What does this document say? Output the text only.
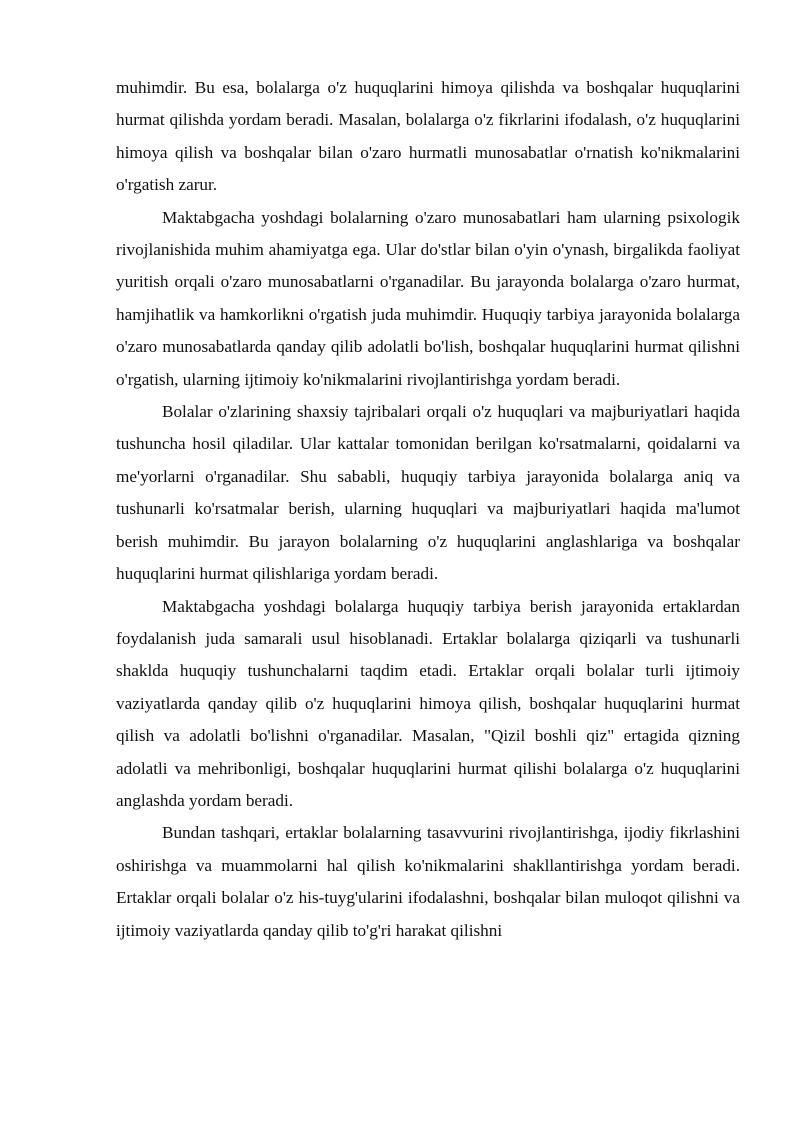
muhimdir. Bu esa, bolalarga o'z huquqlarini himoya qilishda va boshqalar huquqlarini hurmat qilishda yordam beradi. Masalan, bolalarga o'z fikrlarini ifodalash, o'z huquqlarini himoya qilish va boshqalar bilan o'zaro hurmatli munosabatlar o'rnatish ko'nikmalarini o'rgatish zarur.

Maktabgacha yoshdagi bolalarning o'zaro munosabatlari ham ularning psixologik rivojlanishida muhim ahamiyatga ega. Ular do'stlar bilan o'yin o'ynash, birgalikda faoliyat yuritish orqali o'zaro munosabatlarni o'rganadilar. Bu jarayonda bolalarga o'zaro hurmat, hamjihatlik va hamkorlikni o'rgatish juda muhimdir. Huquqiy tarbiya jarayonida bolalarga o'zaro munosabatlarda qanday qilib adolatli bo'lish, boshqalar huquqlarini hurmat qilishni o'rgatish, ularning ijtimoiy ko'nikmalarini rivojlantirishga yordam beradi.

Bolalar o'zlarining shaxsiy tajribalari orqali o'z huquqlari va majburiyatlari haqida tushuncha hosil qiladilar. Ular kattalar tomonidan berilgan ko'rsatmalarni, qoidalarni va me'yorlarni o'rganadilar. Shu sababli, huquqiy tarbiya jarayonida bolalarga aniq va tushunarli ko'rsatmalar berish, ularning huquqlari va majburiyatlari haqida ma'lumot berish muhimdir. Bu jarayon bolalarning o'z huquqlarini anglashlariga va boshqalar huquqlarini hurmat qilishlariga yordam beradi.

Maktabgacha yoshdagi bolalarga huquqiy tarbiya berish jarayonida ertaklardan foydalanish juda samarali usul hisoblanadi. Ertaklar bolalarga qiziqarli va tushunarli shaklda huquqiy tushunchalarni taqdim etadi. Ertaklar orqali bolalar turli ijtimoiy vaziyatlarda qanday qilib o'z huquqlarini himoya qilish, boshqalar huquqlarini hurmat qilish va adolatli bo'lishni o'rganadilar. Masalan, "Qizil boshli qiz" ertagida qizning adolatli va mehribonligi, boshqalar huquqlarini hurmat qilishi bolalarga o'z huquqlarini anglashda yordam beradi.

Bundan tashqari, ertaklar bolalarning tasavvurini rivojlantirishga, ijodiy fikrlashini oshirishga va muammolarni hal qilish ko'nikmalarini shakllantirishga yordam beradi. Ertaklar orqali bolalar o'z his-tuyg'ularini ifodalashni, boshqalar bilan muloqot qilishni va ijtimoiy vaziyatlarda qanday qilib to'g'ri harakat qilishni
